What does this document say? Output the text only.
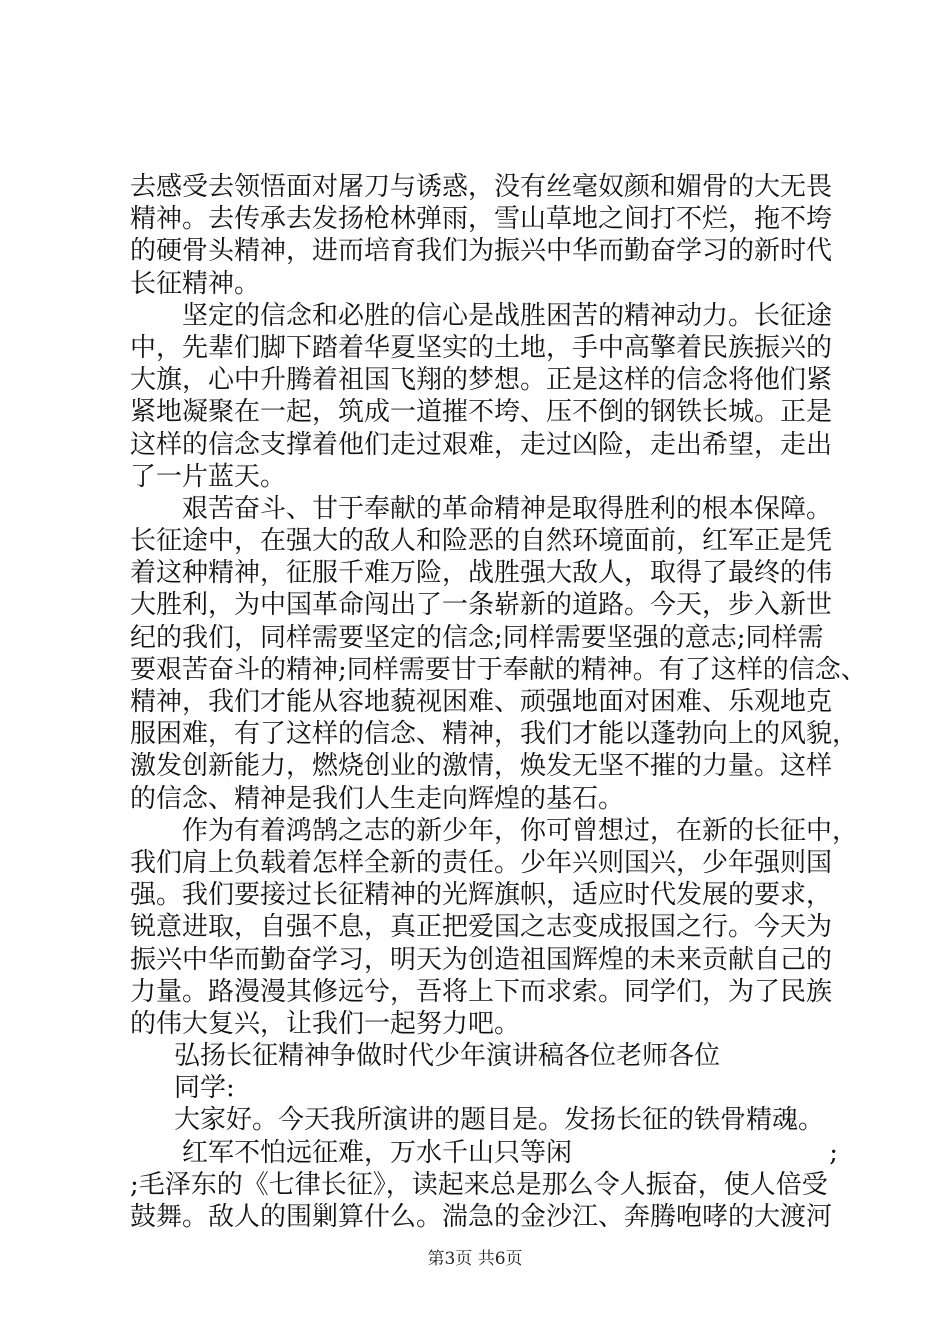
去感受去领悟面对屠刀与诱惑，没有丝毫奴颜和媚骨的大无畏
精神。去传承去发扬枪林弹雨，雪山草地之间打不烂，拖不垮
的硬骨头精神，进而培育我们为振兴中华而勤奋学习的新时代
长征精神。
坚定的信念和必胜的信心是战胜困苦的精神动力。长征途
中，先辈们脚下踏着华夏坚实的土地，手中高擎着民族振兴的
大旗，心中升腾着祖国飞翔的梦想。正是这样的信念将他们紧
紧地凝聚在一起，筑成一道摧不垮、压不倒的钢铁长城。正是
这样的信念支撑着他们走过艰难，走过凶险，走出希望，走出
了一片蓝天。
艰苦奋斗、甘于奉献的革命精神是取得胜利的根本保障。
长征途中，在强大的敌人和险恶的自然环境面前，红军正是凭
着这种精神，征服千难万险，战胜强大敌人，取得了最终的伟
大胜利，为中国革命闯出了一条崭新的道路。今天，步入新世
纪的我们，同样需要坚定的信念;同样需要坚强的意志;同样需
要艰苦奋斗的精神;同样需要甘于奉献的精神。有了这样的信念、
精神，我们才能从容地藐视困难、顽强地面对困难、乐观地克
服困难，有了这样的信念、精神，我们才能以蓬勃向上的风貌，
激发创新能力，燃烧创业的激情，焕发无坚不摧的力量。这样
的信念、精神是我们人生走向辉煌的基石。
作为有着鸿鹄之志的新少年，你可曾想过，在新的长征中，
我们肩上负载着怎样全新的责任。少年兴则国兴，少年强则国
强。我们要接过长征精神的光辉旗帜，适应时代发展的要求，
锐意进取，自强不息，真正把爱国之志变成报国之行。今天为
振兴中华而勤奋学习，明天为创造祖国辉煌的未来贡献自己的
力量。路漫漫其修远兮，吾将上下而求索。同学们，为了民族
的伟大复兴，让我们一起努力吧。
弘扬长征精神争做时代少年演讲稿各位老师各位
同学:
大家好。今天我所演讲的题目是。发扬长征的铁骨精魂。
红军不怕远征难，万水千山只等闲	;
;毛泽东的《七律长征》，读起来总是那么令人振奋，使人倍受
鼓舞。敌人的围剿算什么。湍急的金沙江、奔腾咆哮的大渡河
第3页 共6页
